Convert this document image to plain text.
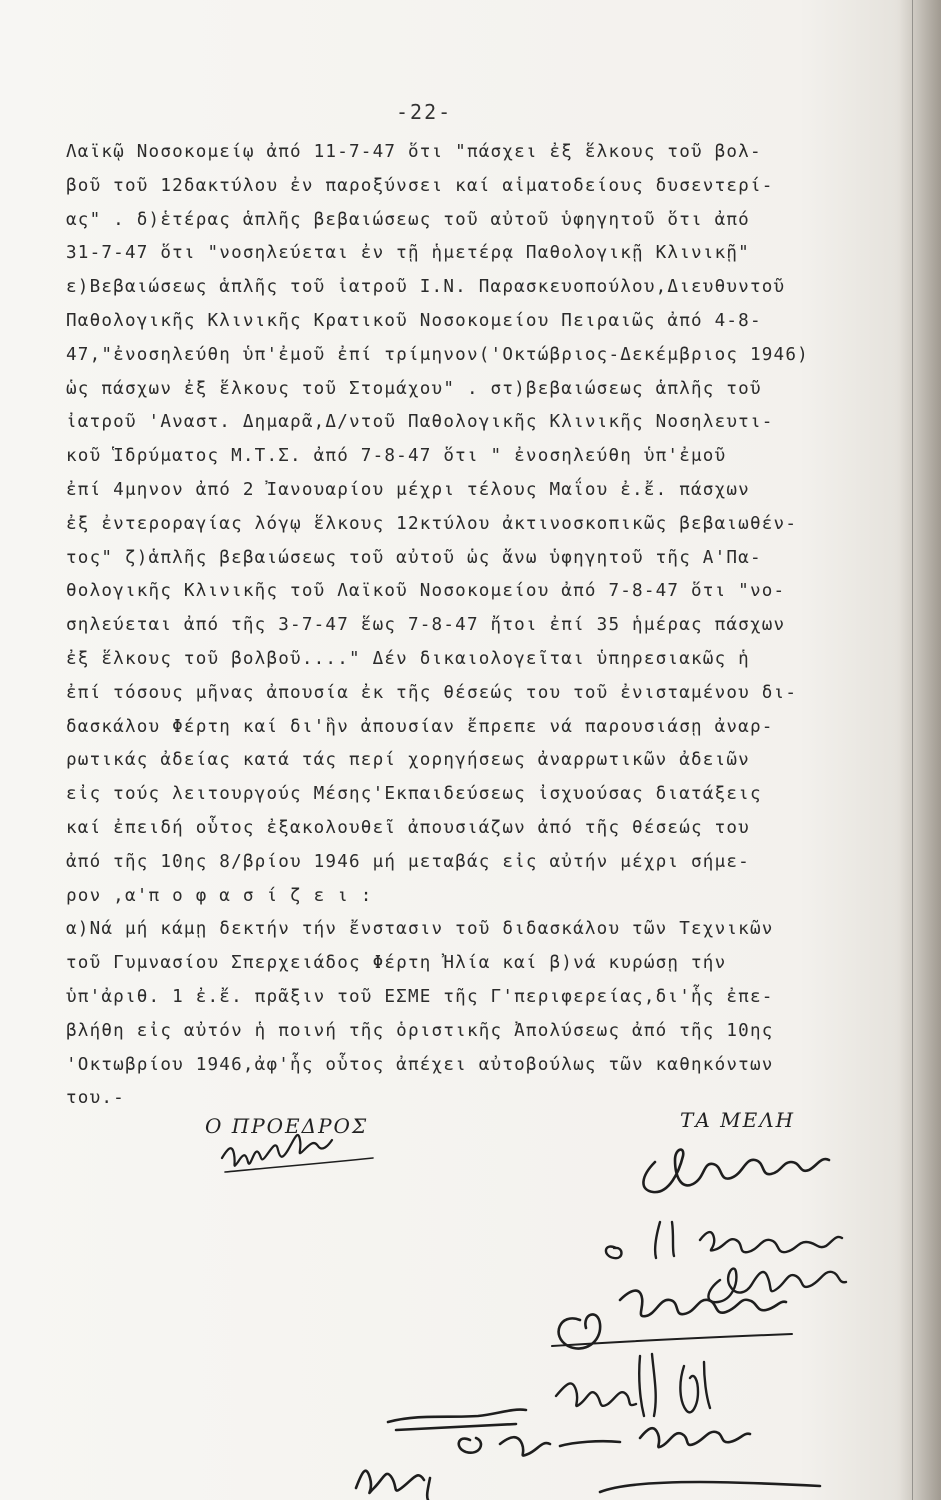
-22-
Λαϊκῷ Νοσοκομείῳ ἀπό 11-7-47 ὅτι "πάσχει ἐξ ἕλκους τοῦ βολ-
βοῦ τοῦ 12δακτύλου ἐν παροξύνσει καί αἱματοδείους δυσεντερί-
ας" . δ)ἑτέρας ἁπλῆς βεβαιώσεως τοῦ αὐτοῦ ὑφηγητοῦ ὅτι ἀπό
31-7-47 ὅτι "νοσηλεύεται ἐν τῇ ἡμετέρᾳ Παθολογικῇ Κλινικῇ"
ε)Βεβαιώσεως ἁπλῆς τοῦ ἰατροῦ Ι.Ν. Παρασκευοπούλου,Διευθυντοῦ
Παθολογικῆς Κλινικῆς Κρατικοῦ Νοσοκομείου Πειραιῶς ἀπό 4-8-
47,"ἐνοσηλεύθη ὑπ'ἐμοῦ ἐπί τρίμηνον('Οκτώβριος-Δεκέμβριος 1946)
ὡς πάσχων ἐξ ἕλκους τοῦ Στομάχου" . στ)βεβαιώσεως ἁπλῆς τοῦ
ἰατροῦ 'Αναστ. Δημαρᾶ,Δ/ντοῦ Παθολογικῆς Κλινικῆς Νοσηλευτι-
κοῦ Ἱδρύματος Μ.Τ.Σ. ἀπό 7-8-47 ὅτι " ἐνοσηλεύθη ὑπ'ἐμοῦ
ἐπί 4μηνον ἀπό 2 Ἰανουαρίου μέχρι τέλους Μαΐου ἐ.ἔ. πάσχων
ἐξ ἐντεροραγίας λόγῳ ἕλκους 12κτύλου ἀκτινοσκοπικῶς βεβαιωθέν-
τος" ζ)ἁπλῆς βεβαιώσεως τοῦ αὐτοῦ ὡς ἄνω ὑφηγητοῦ τῆς Α'Πα-
θολογικῆς Κλινικῆς τοῦ Λαϊκοῦ Νοσοκομείου ἀπό 7-8-47 ὅτι "νο-
σηλεύεται ἀπό τῆς 3-7-47 ἕως 7-8-47 ἤτοι ἐπί 35 ἡμέρας πάσχων
ἐξ ἕλκους τοῦ βολβοῦ...." Δέν δικαιολογεῖται ὑπηρεσιακῶς ἡ
ἐπί τόσους μῆνας ἀπουσία ἐκ τῆς θέσεώς του τοῦ ἐνισταμένου δι-
δασκάλου Φέρτη καί δι'ἣν ἀπουσίαν ἔπρεπε νά παρουσιάσῃ ἀναρ-
ρωτικάς ἀδείας κατά τάς περί χορηγήσεως ἀναρρωτικῶν ἀδειῶν
εἰς τούς λειτουργούς Μέσης'Εκπαιδεύσεως ἰσχυούσας διατάξεις
καί ἐπειδή οὗτος ἐξακολουθεῖ ἀπουσιάζων ἀπό τῆς θέσεώς του
ἀπό τῆς 10ης 8/βρίου 1946 μή μεταβάς εἰς αὐτήν μέχρι σήμε-
ρον ,α'π ο φ α σ ί ζ ε ι :
α)Νά μή κάμῃ δεκτήν τήν ἔνστασιν τοῦ διδασκάλου τῶν Τεχνικῶν
τοῦ Γυμνασίου Σπερχειάδος Φέρτη Ἠλία καί β)νά κυρώσῃ τήν
ὑπ'ἀριθ. 1 ἐ.ἔ. πρᾶξιν τοῦ ΕΣΜΕ τῆς Γ'περιφερείας,δι'ἧς ἐπε-
βλήθη εἰς αὐτόν ἡ ποινή τῆς ὁριστικῆς Ἀπολύσεως ἀπό τῆς 10ης
'Οκτωβρίου 1946,ἀφ'ἧς οὗτος ἀπέχει αὐτοβούλως τῶν καθηκόντων
του.-
Ο ΠΡΟΕΔΡΟΣ	ΤΑ ΜΕΛΗ
